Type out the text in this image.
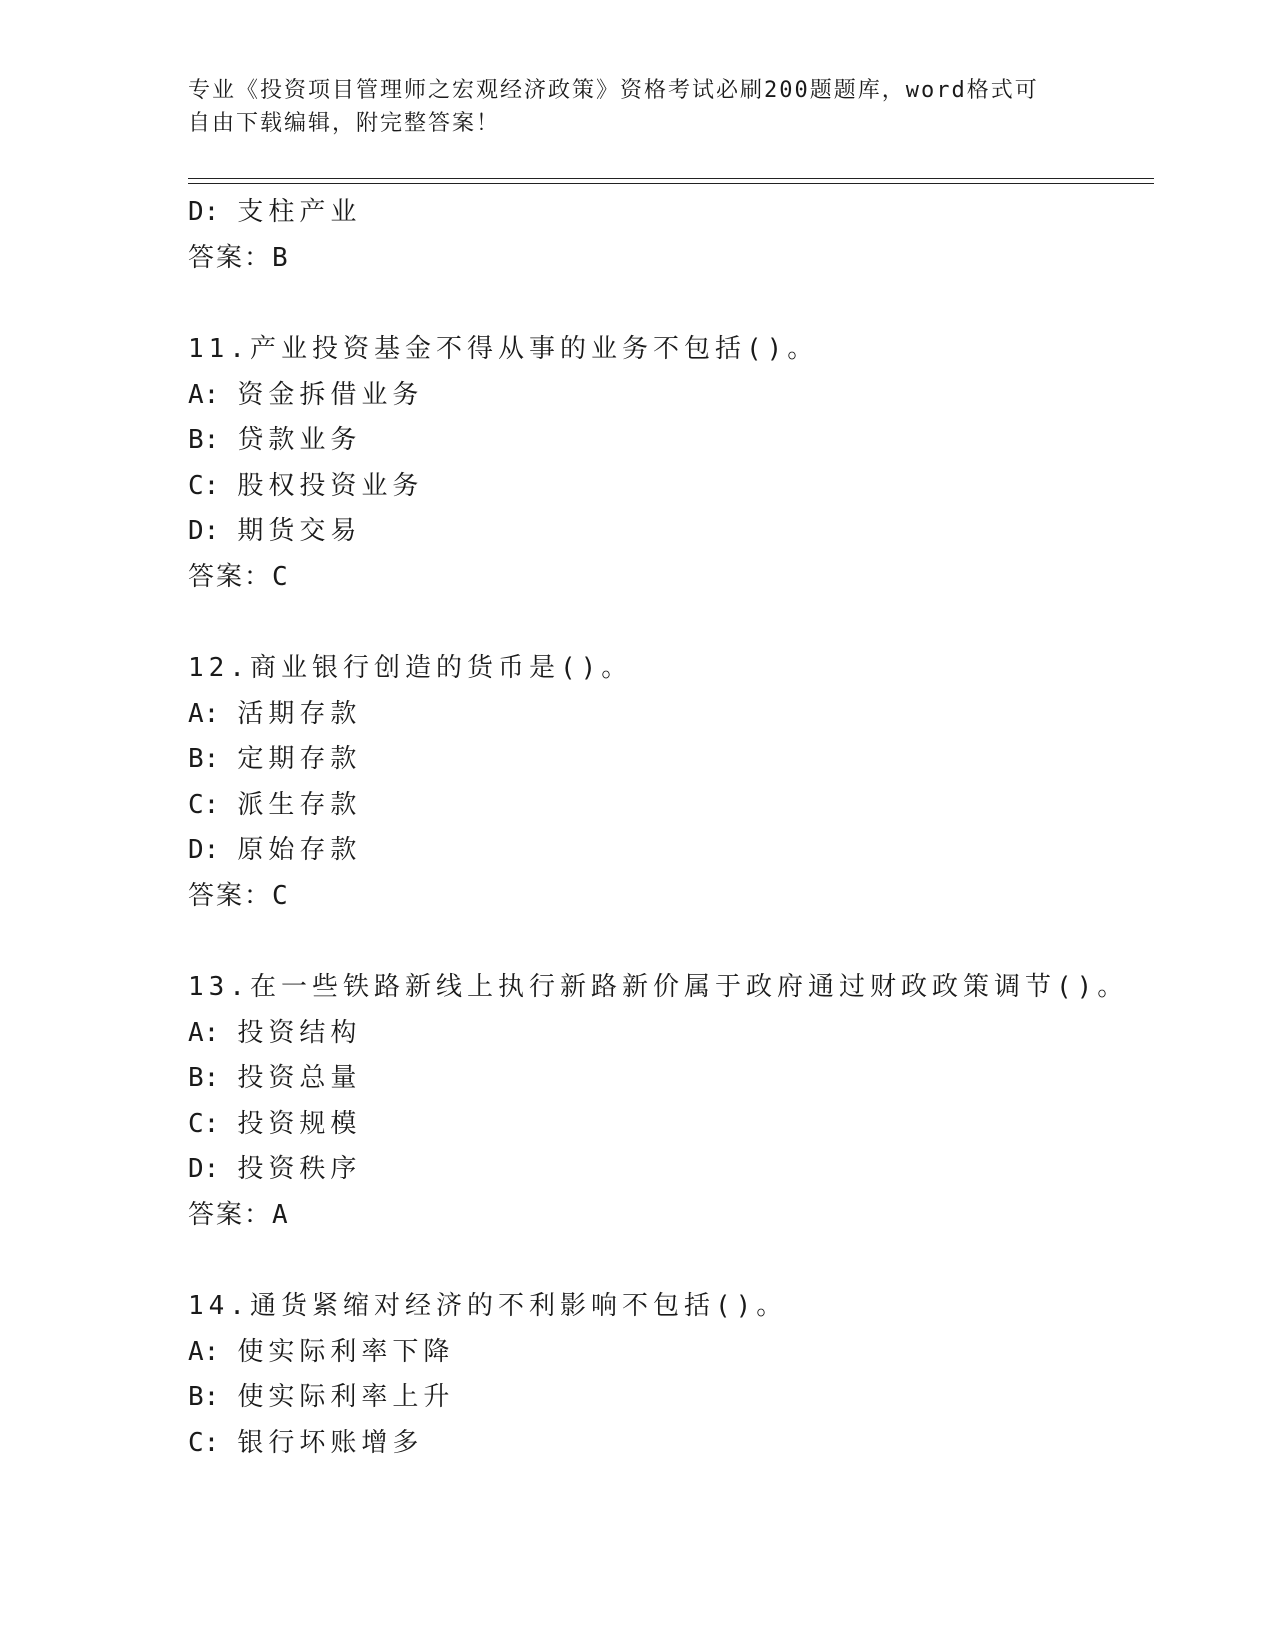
专业《投资项目管理师之宏观经济政策》资格考试必刷200题题库，word格式可
自由下载编辑，附完整答案！
D: 支柱产业
答案：B
11.产业投资基金不得从事的业务不包括()。
A: 资金拆借业务
B: 贷款业务
C: 股权投资业务
D: 期货交易
答案：C
12.商业银行创造的货币是()。
A: 活期存款
B: 定期存款
C: 派生存款
D: 原始存款
答案：C
13.在一些铁路新线上执行新路新价属于政府通过财政政策调节()。
A: 投资结构
B: 投资总量
C: 投资规模
D: 投资秩序
答案：A
14.通货紧缩对经济的不利影响不包括()。
A: 使实际利率下降
B: 使实际利率上升
C: 银行坏账增多
